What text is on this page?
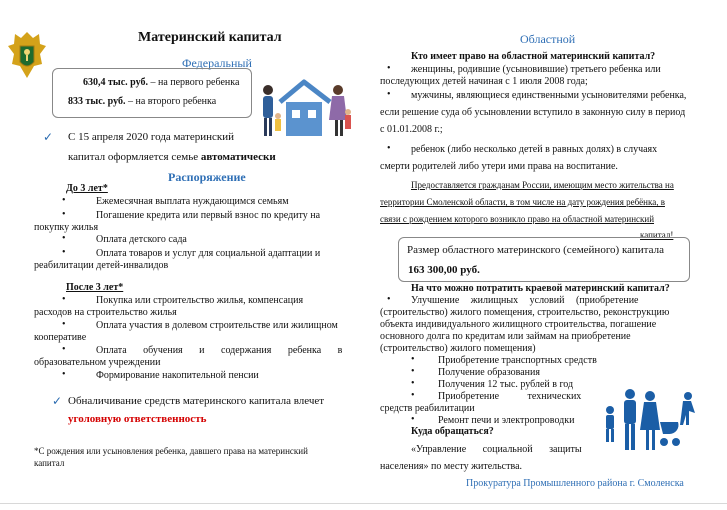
Материнский капитал
Федеральный
630,4 тыс. руб. – на первого ребенка
833 тыс. руб. – на второго ребенка
✓ С 15 апреля 2020 года материнский
капитал оформляется семье автоматически
Распоряжение
До 3 лет*
•	Ежемесячная выплата нуждающимся семьям
•	Погашение кредита или первый взнос по кредиту на
покупку жилья
•	Оплата детского сада
•	Оплата товаров и услуг для социальной адаптации и
реабилитации детей-инвалидов
После 3 лет*
•	Покупка или строительство жилья, компенсация
расходов на строительство жилья
•	Оплата участия в долевом строительстве или жилищном
кооперативе
•	Оплата обучения и содержания ребенка в
образовательном учреждении
•	Формирование накопительной пенсии
✓ Обналичивание средств материнского капитала влечет
уголовную ответственность
*С рождения или усыновления ребенка, давшего права на материнский
капитал
Областной
Кто имеет право на областной материнский капитал?
• женщины, родившие (усыновившие) третьего ребенка или
последующих детей начиная с 1 июля 2008 года;
• мужчины, являющиеся единственными усыновителями ребенка,
если решение суда об усыновлении вступило в законную силу в период
с 01.01.2008 г.;
• ребенок (либо несколько детей в равных долях) в случаях
смерти родителей либо утери ими права на воспитание.
Предоставляется гражданам России, имеющим место жительства на
территории Смоленской области, в том числе на дату рождения ребёнка, в
связи с рождением которого возникло право на областной материнский
капитал!
Размер областного материнского (семейного) капитала
163 300,00 руб.
На что можно потратить краевой материнский капитал?
• Улучшение жилищных условий (приобретение
(строительство) жилого помещения, строительство, реконструкцию
объекта индивидуального жилищного строительства, погашение
основного долга по кредитам или займам на приобретение
(строительство) жилого помещения)
• Приобретение транспортных средств
• Получение образования
• Получения 12 тыс. рублей в год
• Приобретение технических
средств реабилитации
• Ремонт печи и электропроводки
Куда обращаться?
«Управление социальной защиты
населения» по месту жительства.
Прокуратура Промышленного района г. Смоленска
